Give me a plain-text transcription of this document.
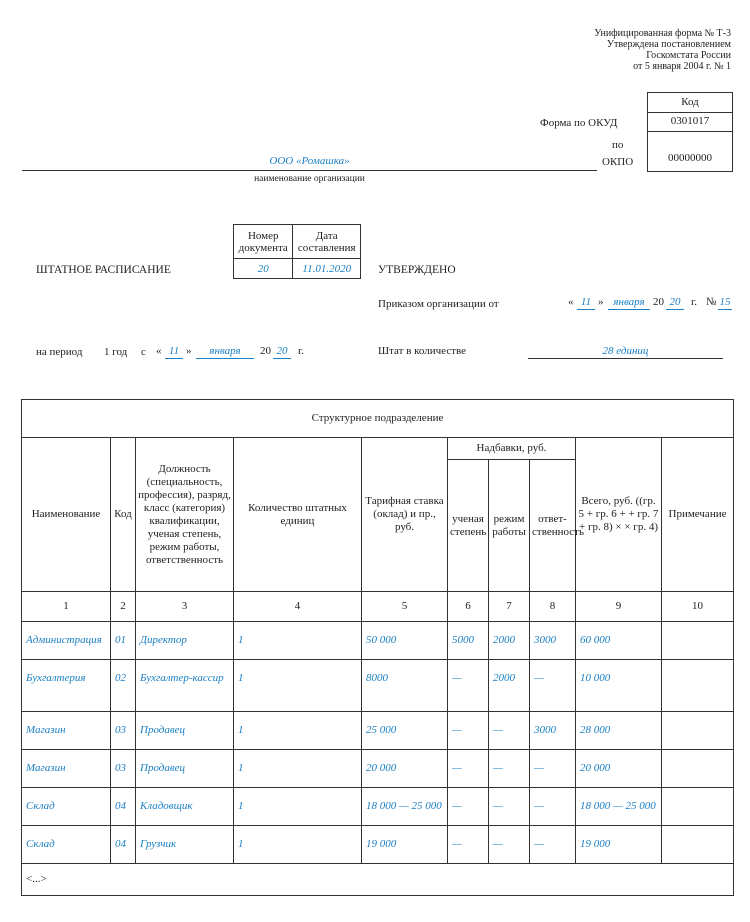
Унифицированная форма № Т-3
Утверждена постановлением
Госкомстата России
от 5 января 2004 г. № 1
Код
0301017
00000000
Форма по ОКУД
по
ОКПО
ООО «Ромашка»
наименование организации
Номер документа	Дата составления
20	11.01.2020
ШТАТНОЕ РАСПИСАНИЕ	УТВЕРЖДЕНО
Приказом организации от	« 11 » января 20 20 г. № 15
на период 1 год с « 11 »	января	20 20 г.	Штат в количестве	28 единиц
Структурное подразделение									
Наименование	Код	Должность (специальность, профессия), разряд, класс (категория) квалификации, ученая степень, режим работы, ответственность	Количество штатных единиц	Тарифная ставка (оклад) и пр., руб.	Надбавки, руб.			Всего, руб. ((гр. 5 + гр. 6 + + гр. 7 + гр. 8) × × гр. 4)	Примечание
					ученая степень	режим работы	ответ-ственность		
1	2	3	4	5	6	7	8	9	10
Администрация	01	Директор	1	50 000	5000	2000	3000	60 000	
Бухгалтерия	02	Бухгалтер-кассир	1	8000	—	2000	—	10 000	
Магазин	03	Продавец	1	25 000	—	—	3000	28 000	
Магазин	03	Продавец	1	20 000	—	—	—	20 000	
Склад	04	Кладовщик	1	18 000 — 25 000	—	—	—	18 000 — 25 000	
Склад	04	Грузчик	1	19 000	—	—	—	19 000	
<...>									
